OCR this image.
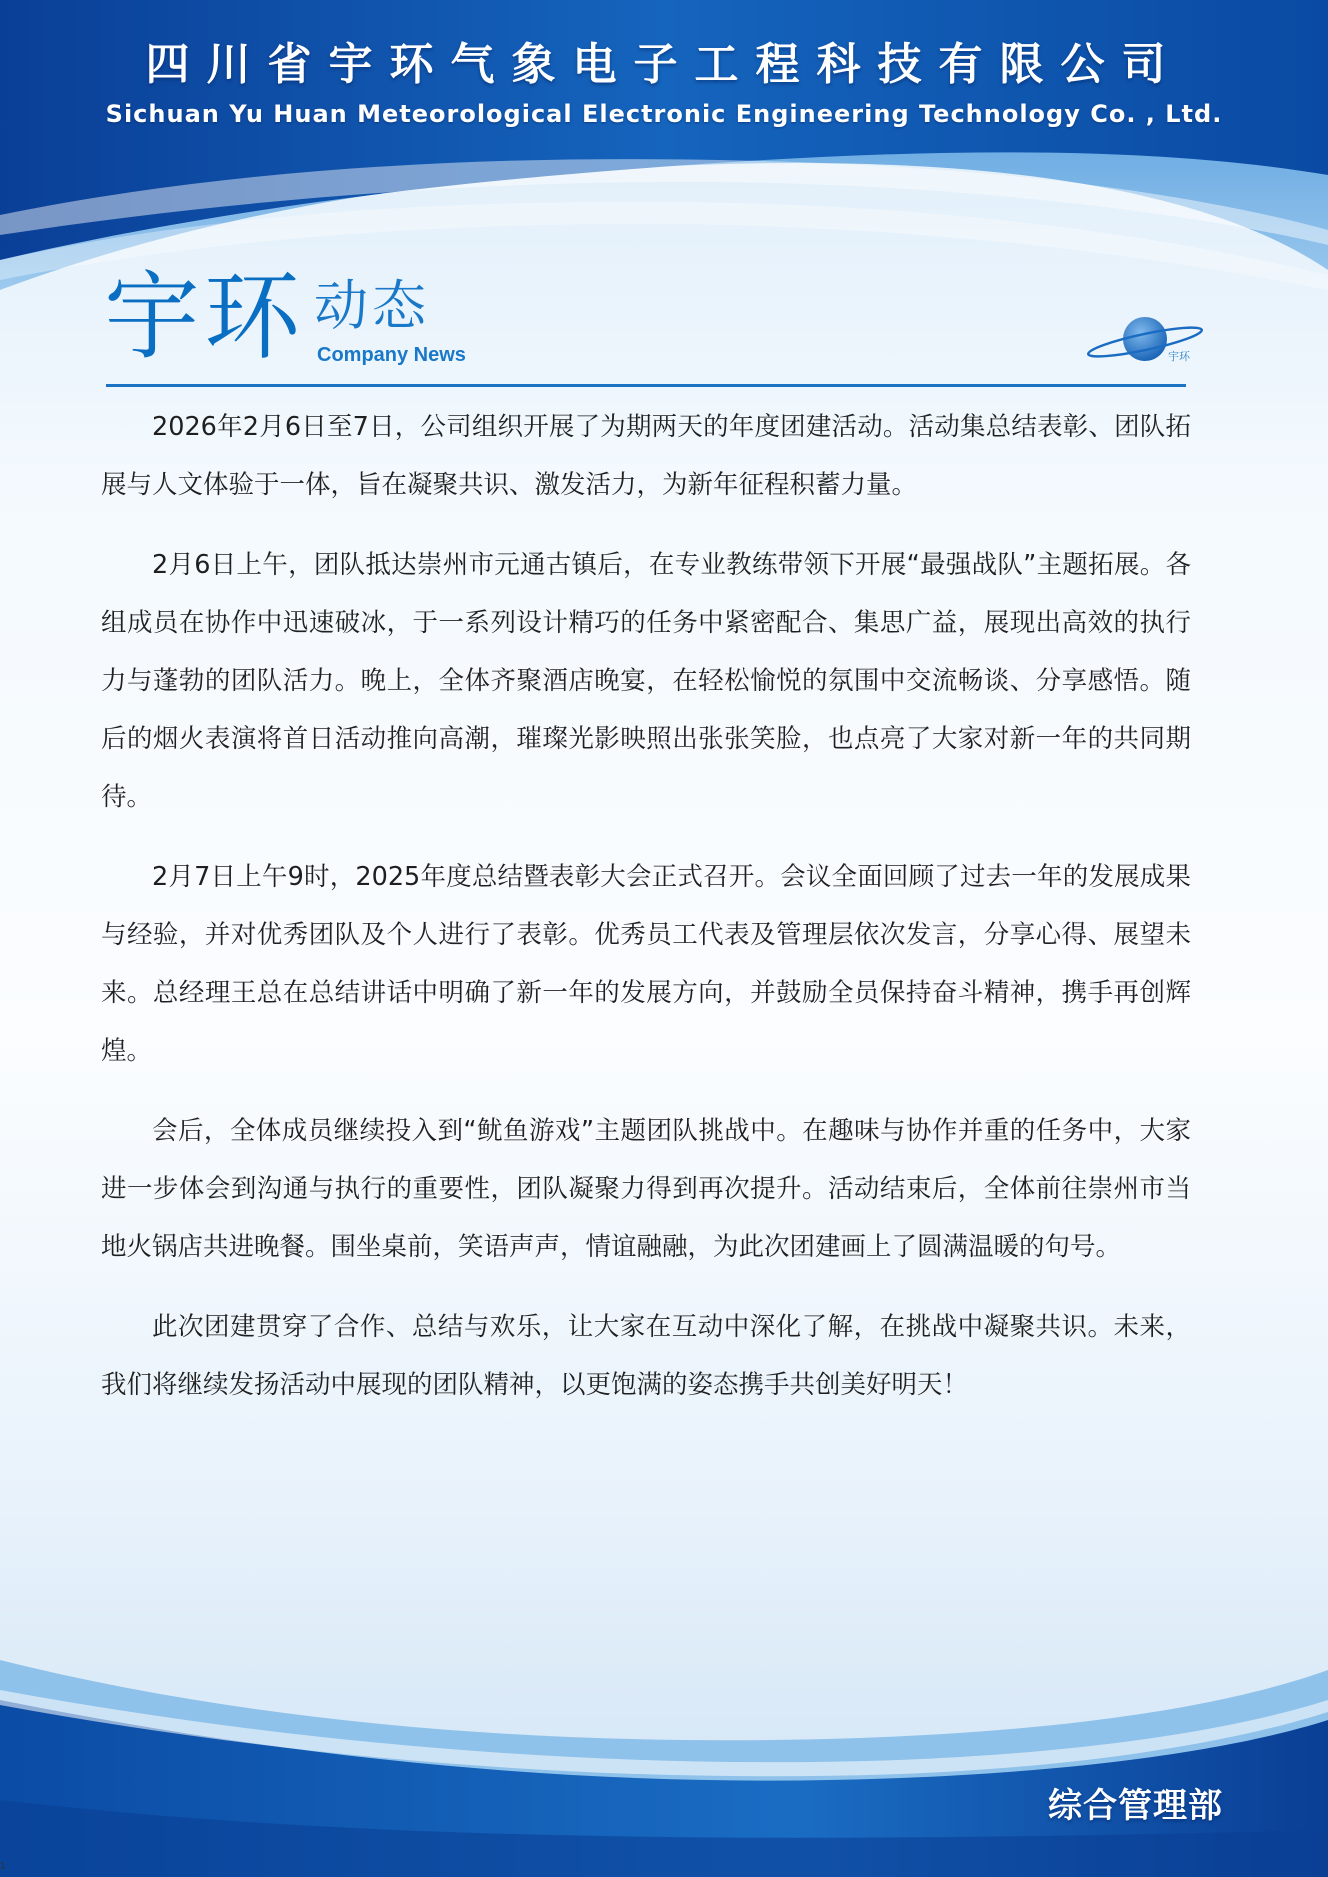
四川省宇环气象电子工程科技有限公司
Sichuan Yu Huan Meteorological Electronic Engineering Technology Co. , Ltd.
宇环 动态
Company News	宇环

2026年2月6日至7日，公司组织开展了为期两天的年度团建活动。活动集总结表彰、团队拓展与人文体验于一体，旨在凝聚共识、激发活力，为新年征程积蓄力量。

2月6日上午，团队抵达崇州市元通古镇后，在专业教练带领下开展“最强战队”主题拓展。各组成员在协作中迅速破冰，于一系列设计精巧的任务中紧密配合、集思广益，展现出高效的执行力与蓬勃的团队活力。晚上，全体齐聚酒店晚宴，在轻松愉悦的氛围中交流畅谈、分享感悟。随后的烟火表演将首日活动推向高潮，璀璨光影映照出张张笑脸，也点亮了大家对新一年的共同期待。

2月7日上午9时，2025年度总结暨表彰大会正式召开。会议全面回顾了过去一年的发展成果与经验，并对优秀团队及个人进行了表彰。优秀员工代表及管理层依次发言，分享心得、展望未来。总经理王总在总结讲话中明确了新一年的发展方向，并鼓励全员保持奋斗精神，携手再创辉煌。

会后，全体成员继续投入到“鱿鱼游戏”主题团队挑战中。在趣味与协作并重的任务中，大家进一步体会到沟通与执行的重要性，团队凝聚力得到再次提升。活动结束后，全体前往崇州市当地火锅店共进晚餐。围坐桌前，笑语声声，情谊融融，为此次团建画上了圆满温暖的句号。

此次团建贯穿了合作、总结与欢乐，让大家在互动中深化了解，在挑战中凝聚共识。未来，我们将继续发扬活动中展现的团队精神，以更饱满的姿态携手共创美好明天！

综合管理部
1
